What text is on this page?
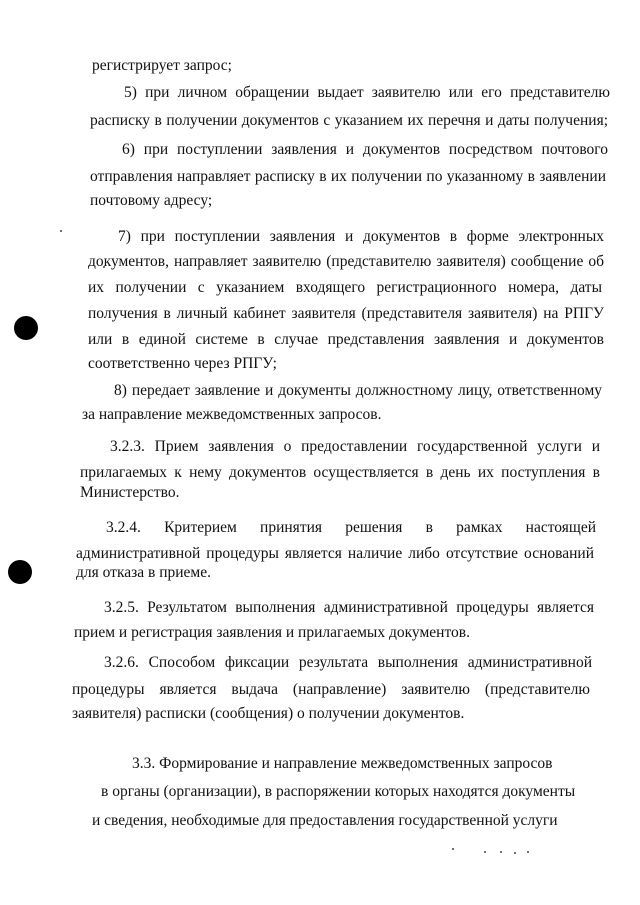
регистрирует запрос;
5) при личном обращении выдает заявителю или его представителю
расписку в получении документов с указанием их перечня и даты получения;
6) при поступлении заявления и документов посредством почтового
отправления направляет расписку в их получении по указанному в заявлении
почтовому адресу;
7) при поступлении заявления и документов в форме электронных
документов, направляет заявителю (представителю заявителя) сообщение об
их получении с указанием входящего регистрационного номера, даты
получения в личный кабинет заявителя (представителя заявителя) на РПГУ
или в единой системе в случае представления заявления и документов
соответственно через РПГУ;
8) передает заявление и документы должностному лицу, ответственному
за направление межведомственных запросов.
3.2.3. Прием заявления о предоставлении государственной услуги и
прилагаемых к нему документов осуществляется в день их поступления в
Министерство.
3.2.4. Критерием принятия решения в рамках настоящей
административной процедуры является наличие либо отсутствие оснований
для отказа в приеме.
3.2.5. Результатом выполнения административной процедуры является
прием и регистрация заявления и прилагаемых документов.
3.2.6. Способом фиксации результата выполнения административной
процедуры является выдача (направление) заявителю (представителю
заявителя) расписки (сообщения) о получении документов.
3.3. Формирование и направление межведомственных запросов
в органы (организации), в распоряжении которых находятся документы
и сведения, необходимые для предоставления государственной услуги
